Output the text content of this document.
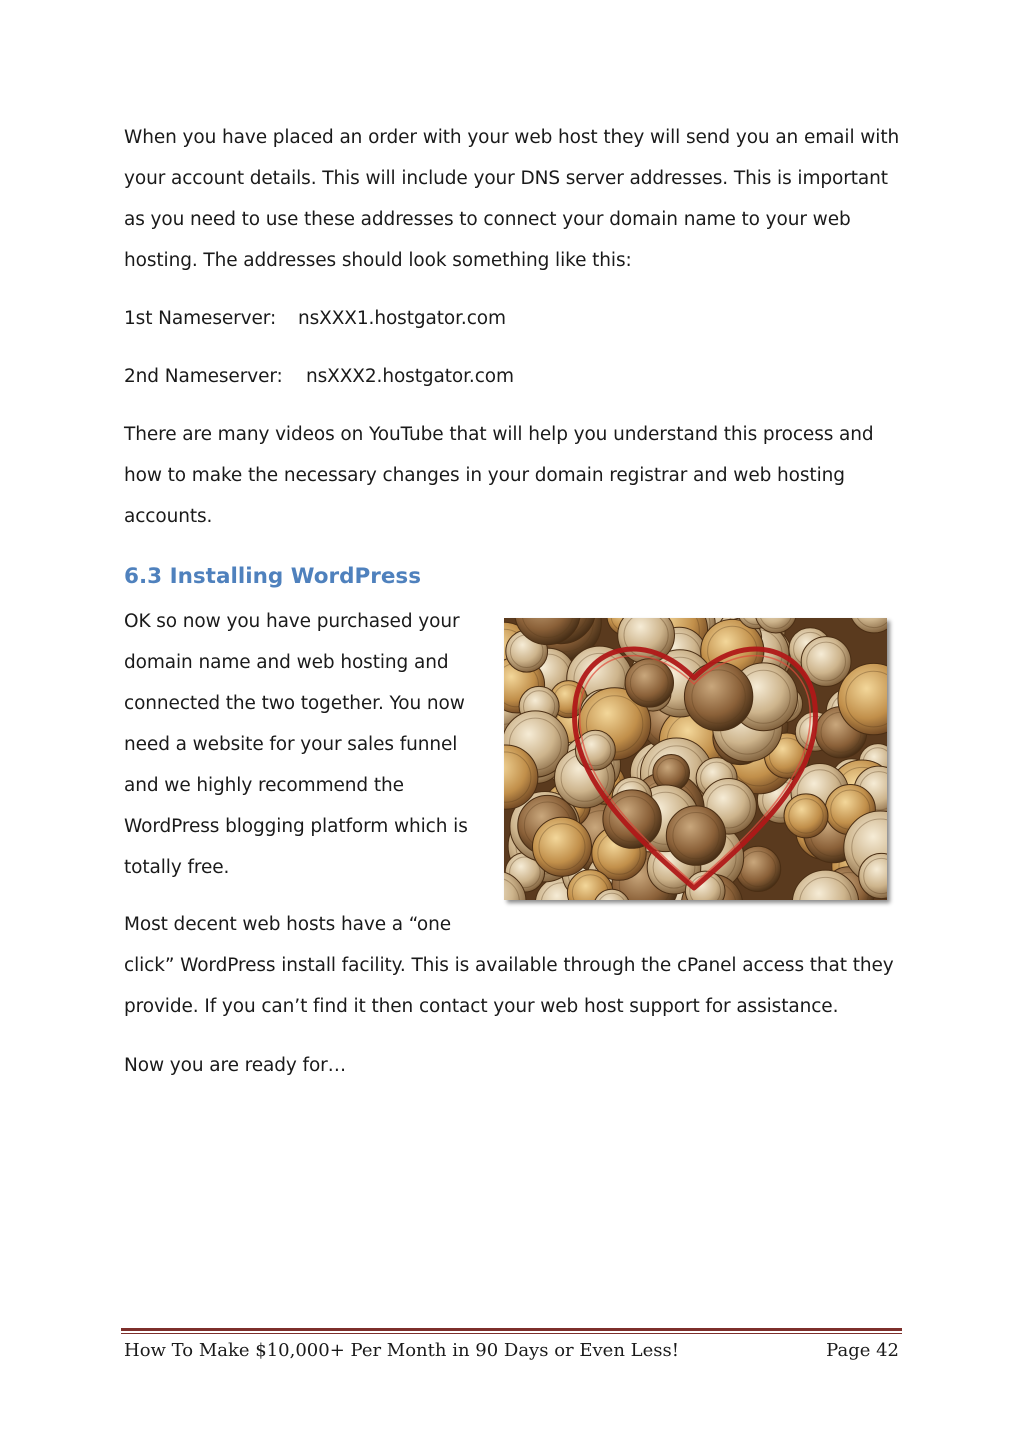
When you have placed an order with your web host they will send you an email with your account details. This will include your DNS server addresses. This is important as you need to use these addresses to connect your domain name to your web hosting. The addresses should look something like this:

1st Nameserver: nsXXX1.hostgator.com
2nd Nameserver: nsXXX2.hostgator.com

There are many videos on YouTube that will help you understand this process and how to make the necessary changes in your domain registrar and web hosting accounts.

6.3 Installing WordPress

OK so now you have purchased your domain name and web hosting and connected the two together. You now need a website for your sales funnel and we highly recommend the WordPress blogging platform which is totally free.

Most decent web hosts have a “one

click” WordPress install facility. This is available through the cPanel access that they provide. If you can’t find it then contact your web host support for assistance.

Now you are ready for…

How To Make $10,000+ Per Month in 90 Days or Even Less!	Page 42
